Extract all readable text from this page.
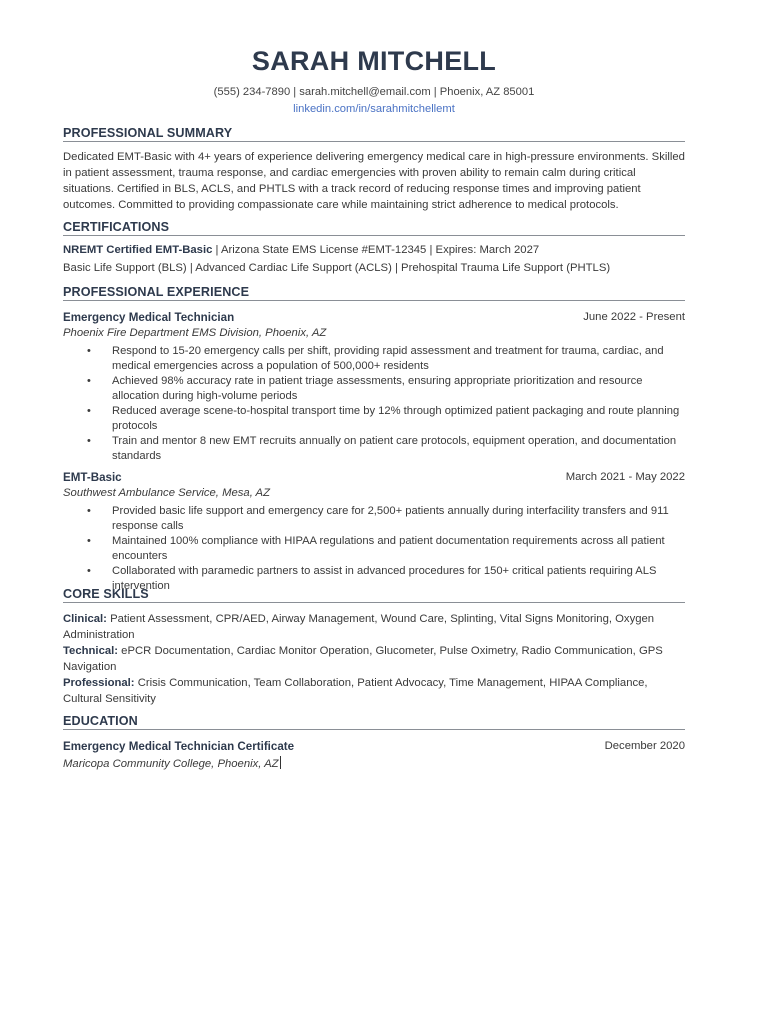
SARAH MITCHELL
(555) 234-7890 | sarah.mitchell@email.com | Phoenix, AZ 85001
linkedin.com/in/sarahmitchellemt
PROFESSIONAL SUMMARY
Dedicated EMT-Basic with 4+ years of experience delivering emergency medical care in high-pressure environments. Skilled in patient assessment, trauma response, and cardiac emergencies with proven ability to remain calm during critical situations. Certified in BLS, ACLS, and PHTLS with a track record of reducing response times and improving patient outcomes. Committed to providing compassionate care while maintaining strict adherence to medical protocols.
CERTIFICATIONS
NREMT Certified EMT-Basic | Arizona State EMS License #EMT-12345 | Expires: March 2027
Basic Life Support (BLS) | Advanced Cardiac Life Support (ACLS) | Prehospital Trauma Life Support (PHTLS)
PROFESSIONAL EXPERIENCE
Emergency Medical Technician	June 2022 - Present
Phoenix Fire Department EMS Division, Phoenix, AZ
• Respond to 15-20 emergency calls per shift, providing rapid assessment and treatment for trauma, cardiac, and medical emergencies across a population of 500,000+ residents
• Achieved 98% accuracy rate in patient triage assessments, ensuring appropriate prioritization and resource allocation during high-volume periods
• Reduced average scene-to-hospital transport time by 12% through optimized patient packaging and route planning protocols
• Train and mentor 8 new EMT recruits annually on patient care protocols, equipment operation, and documentation standards
EMT-Basic	March 2021 - May 2022
Southwest Ambulance Service, Mesa, AZ
• Provided basic life support and emergency care for 2,500+ patients annually during interfacility transfers and 911 response calls
• Maintained 100% compliance with HIPAA regulations and patient documentation requirements across all patient encounters
• Collaborated with paramedic partners to assist in advanced procedures for 150+ critical patients requiring ALS intervention
CORE SKILLS
Clinical: Patient Assessment, CPR/AED, Airway Management, Wound Care, Splinting, Vital Signs Monitoring, Oxygen Administration
Technical: ePCR Documentation, Cardiac Monitor Operation, Glucometer, Pulse Oximetry, Radio Communication, GPS Navigation
Professional: Crisis Communication, Team Collaboration, Patient Advocacy, Time Management, HIPAA Compliance, Cultural Sensitivity
EDUCATION
Emergency Medical Technician Certificate	December 2020
Maricopa Community College, Phoenix, AZ
